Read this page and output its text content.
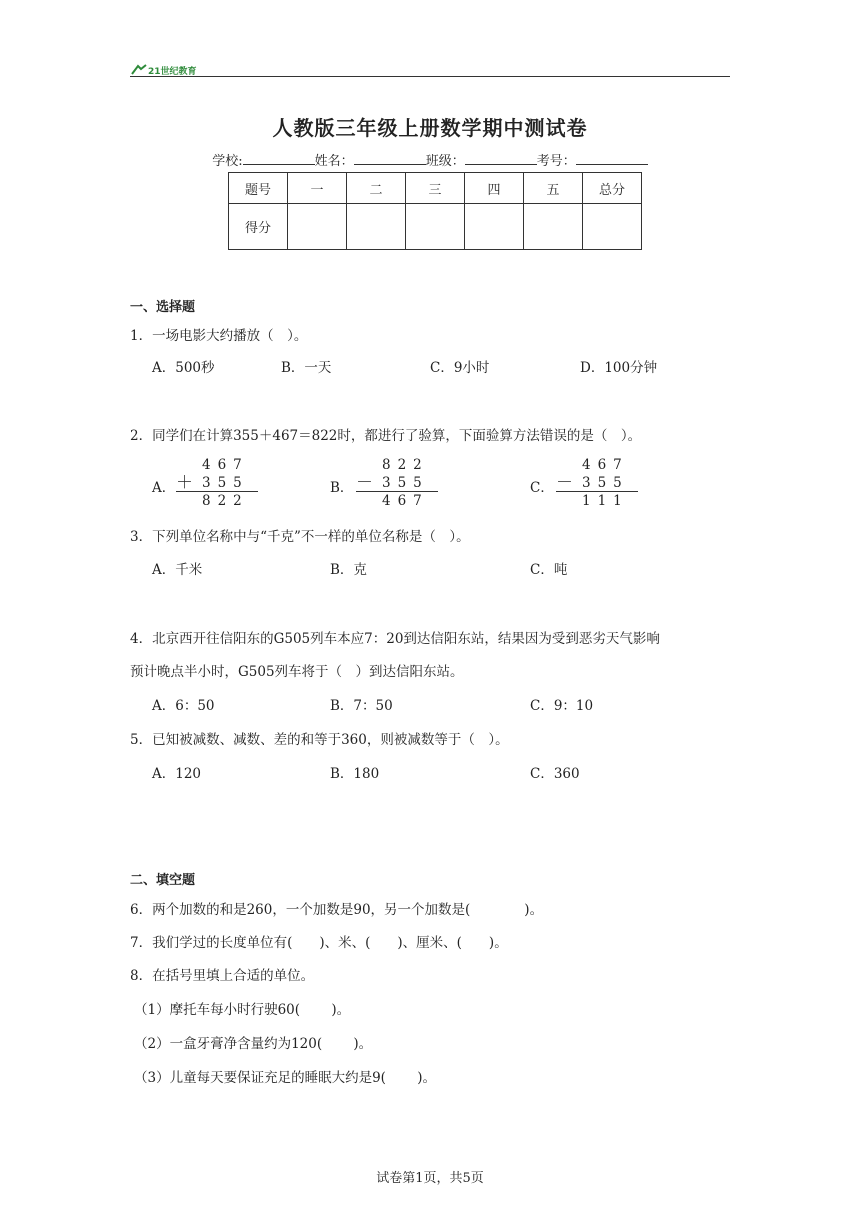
21世纪教育
人教版三年级上册数学期中测试卷
学校:	姓名：	班级：	考号：
题号	一	二	三	四	五	总分
得分						
一、选择题
1．一场电影大约播放（　）。
A．500秒	B．一天	C．9小时	D．100分钟
2．同学们在计算355＋467＝822时，都进行了验算，下面验算方法错误的是（　）。
A．
467
＋ 355
822
B．
822
－ 355
467
C．
467
－ 355
111
3．下列单位名称中与“千克”不一样的单位名称是（　）。
A．千米	B．克	C．吨
4．北京西开往信阳东的G505列车本应7：20到达信阳东站，结果因为受到恶劣天气影响
预计晚点半小时，G505列车将于（　）到达信阳东站。
A．6：50	B．7：50	C．9：10
5．已知被减数、减数、差的和等于360，则被减数等于（　）。
A．120	B．180	C．360
二、填空题
6．两个加数的和是260，一个加数是90，另一个加数是(　　　　)。
7．我们学过的长度单位有(　　)、米、(　　)、厘米、(　　)。
8．在括号里填上合适的单位。
（1）摩托车每小时行驶60(　　 )。
（2）一盒牙膏净含量约为120(　　 )。
（3）儿童每天要保证充足的睡眠大约是9(　　 )。
试卷第1页，共5页
